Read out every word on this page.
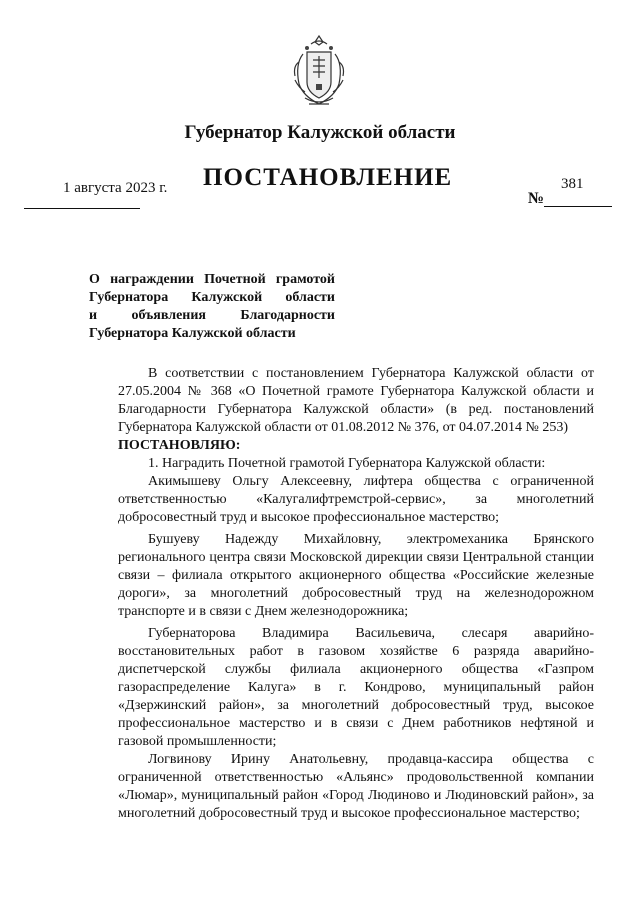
Губернатор Калужской области
1 августа 2023 г. ПОСТАНОВЛЕНИЕ	381
№
О награждении Почетной грамотой
Губернатора Калужской области
и объявления Благодарности
Губернатора Калужской области

В соответствии с постановлением Губернатора Калужской области от 27.05.2004 № 368 «О Почетной грамоте Губернатора Калужской области и Благодарности Губернатора Калужской области» (в ред. постановлений Губернатора Калужской области от 01.08.2012 № 376, от 04.07.2014 № 253)

ПОСТАНОВЛЯЮ:

1. Наградить Почетной грамотой Губернатора Калужской области:

Акимышеву Ольгу Алексеевну, лифтера общества с ограниченной ответственностью «Калугалифтремстрой-сервис», за многолетний добросовестный труд и высокое профессиональное мастерство;

Бушуеву Надежду Михайловну, электромеханика Брянского регионального центра связи Московской дирекции связи Центральной станции связи – филиала открытого акционерного общества «Российские железные дороги», за многолетний добросовестный труд на железнодорожном транспорте и в связи с Днем железнодорожника;

Губернаторова Владимира Васильевича, слесаря аварийно-восстановительных работ в газовом хозяйстве 6 разряда аварийно-диспетчерской службы филиала акционерного общества «Газпром газораспределение Калуга» в г. Кондрово, муниципальный район «Дзержинский район», за многолетний добросовестный труд, высокое профессиональное мастерство и в связи с Днем работников нефтяной и газовой промышленности;

Логвинову Ирину Анатольевну, продавца-кассира общества с ограниченной ответственностью «Альянс» продовольственной компании «Люмар», муниципальный район «Город Людиново и Людиновский район», за многолетний добросовестный труд и высокое профессиональное мастерство;
